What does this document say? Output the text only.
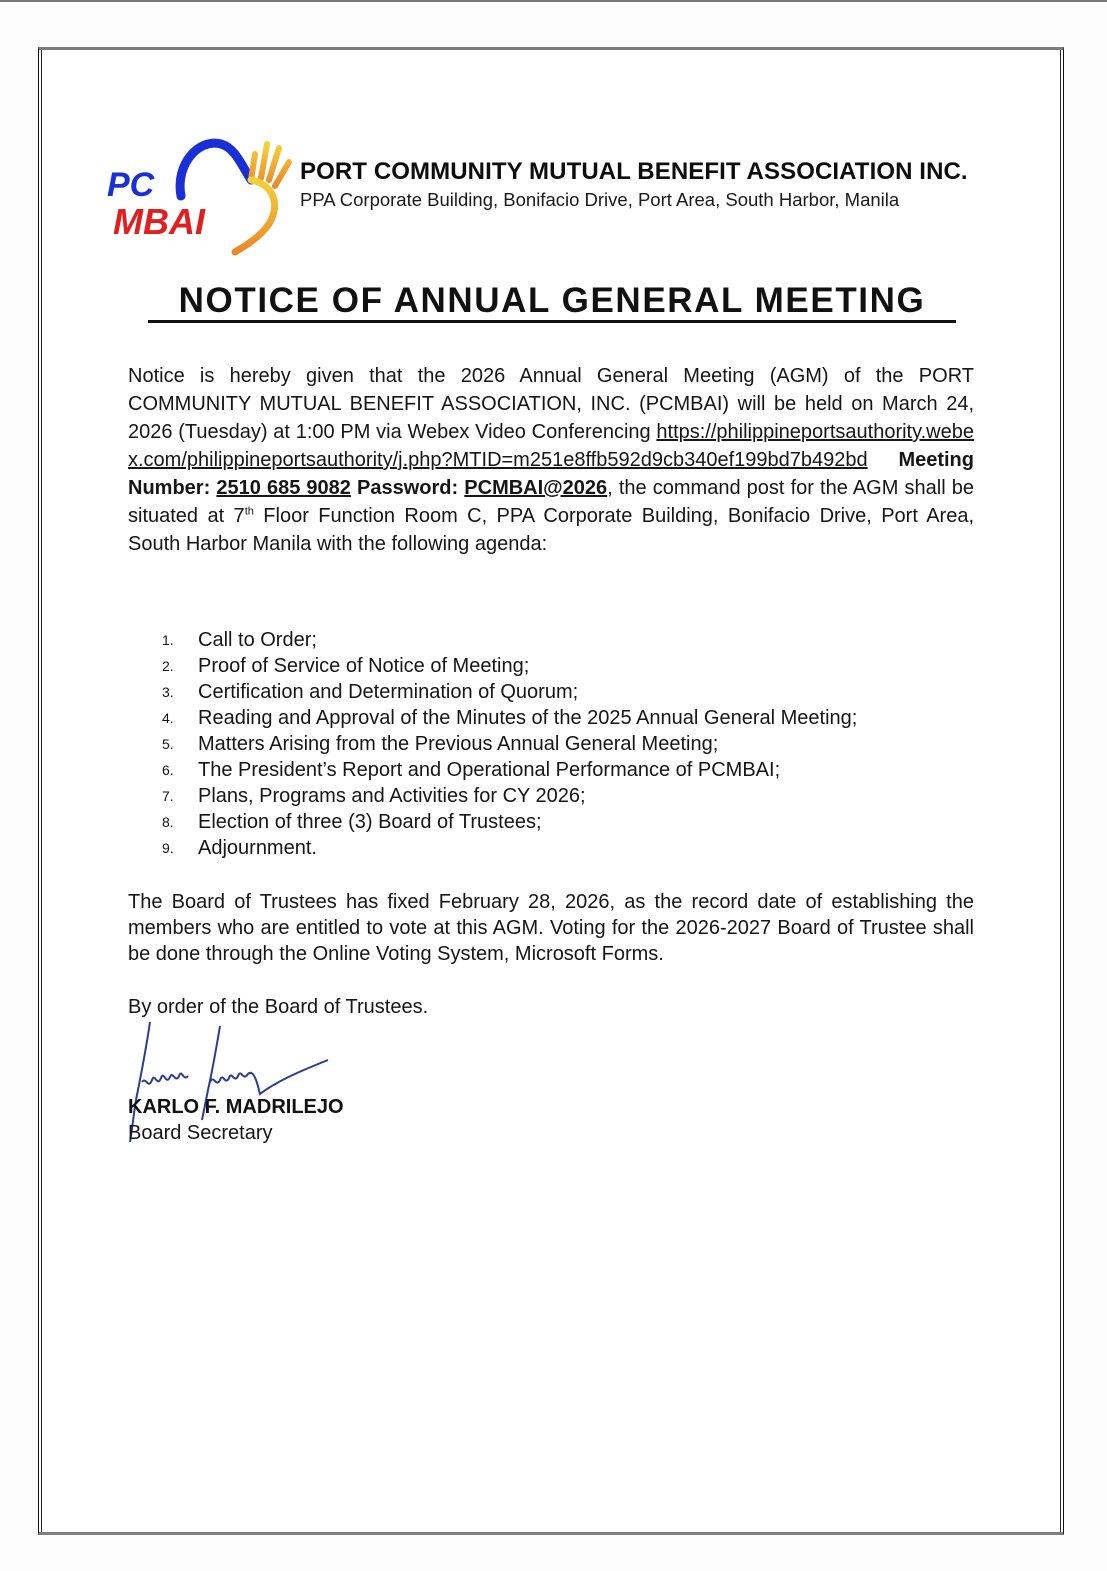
PC
MBAI
PORT COMMUNITY MUTUAL BENEFIT ASSOCIATION INC.
PPA Corporate Building, Bonifacio Drive, Port Area, South Harbor, Manila
NOTICE OF ANNUAL GENERAL MEETING
Notice is hereby given that the 2026 Annual General Meeting (AGM) of the PORT COMMUNITY MUTUAL BENEFIT ASSOCIATION, INC. (PCMBAI) will be held on March 24, 2026 (Tuesday) at 1:00 PM via Webex Video Conferencing https://philippineportsauthority.webex.com/philippineportsauthority/j.php?MTID=m251e8ffb592d9cb340ef199bd7b492bd Meeting Number: 2510 685 9082 Password: PCMBAI@2026, the command post for the AGM shall be situated at 7th Floor Function Room C, PPA Corporate Building, Bonifacio Drive, Port Area, South Harbor Manila with the following agenda:
1.	Call to Order;
2.	Proof of Service of Notice of Meeting;
3.	Certification and Determination of Quorum;
4.	Reading and Approval of the Minutes of the 2025 Annual General Meeting;
5.	Matters Arising from the Previous Annual General Meeting;
6.	The President’s Report and Operational Performance of PCMBAI;
7.	Plans, Programs and Activities for CY 2026;
8.	Election of three (3) Board of Trustees;
9.	Adjournment.
The Board of Trustees has fixed February 28, 2026, as the record date of establishing the members who are entitled to vote at this AGM. Voting for the 2026-2027 Board of Trustee shall be done through the Online Voting System, Microsoft Forms.
By order of the Board of Trustees.
KARLO F. MADRILEJO
Board Secretary
